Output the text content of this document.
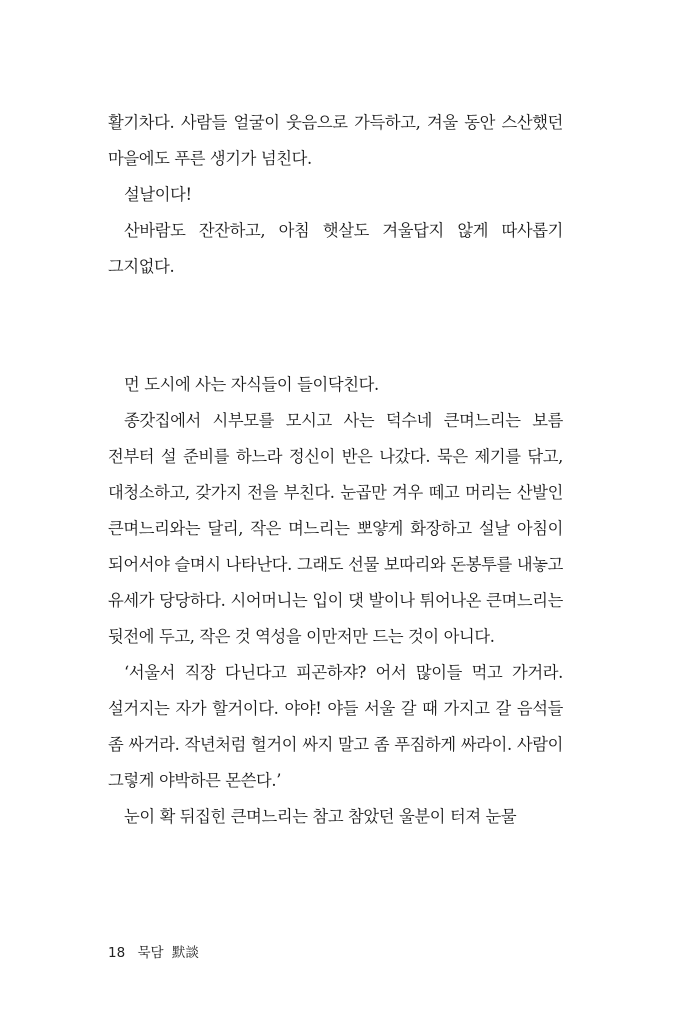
활기차다. 사람들 얼굴이 웃음으로 가득하고, 겨울 동안 스산했던 마을에도 푸른 생기가 넘친다.

설날이다!

산바람도 잔잔하고, 아침 햇살도 겨울답지 않게 따사롭기 그지없다.

먼 도시에 사는 자식들이 들이닥친다.

종갓집에서 시부모를 모시고 사는 덕수네 큰며느리는 보름 전부터 설 준비를 하느라 정신이 반은 나갔다. 묵은 제기를 닦고, 대청소하고, 갖가지 전을 부친다. 눈곱만 겨우 떼고 머리는 산발인 큰며느리와는 달리, 작은 며느리는 뽀얗게 화장하고 설날 아침이 되어서야 슬며시 나타난다. 그래도 선물 보따리와 돈봉투를 내놓고 유세가 당당하다. 시어머니는 입이 댓 발이나 튀어나온 큰며느리는 뒷전에 두고, 작은 것 역성을 이만저만 드는 것이 아니다.

‘서울서 직장 다닌다고 피곤하쟈? 어서 많이들 먹고 가거라. 설거지는 자가 할거이다. 야야! 야들 서울 갈 때 가지고 갈 음석들 좀 싸거라. 작년처럼 헐거이 싸지 말고 좀 푸짐하게 싸라이. 사람이 그렇게 야박하믄 몬쓴다.’

눈이 확 뒤집힌 큰며느리는 참고 참았던 울분이 터져 눈물

18 묵담 默談
